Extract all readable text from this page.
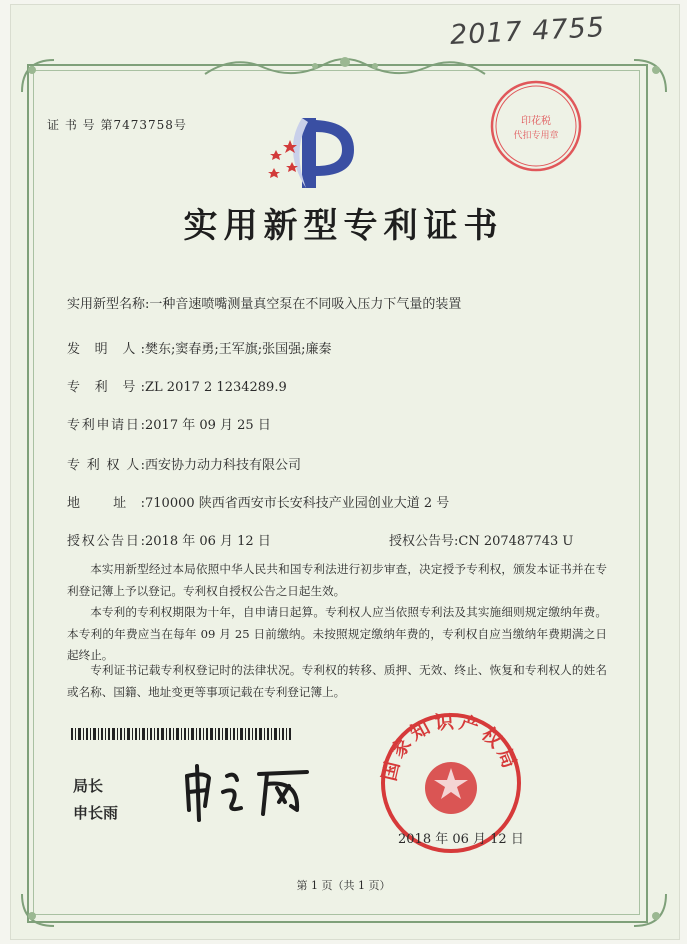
2017 4755
证 书 号 第7473758号	印花税
代扣专用章
实用新型专利证书
实用新型名称:一种音速喷嘴测量真空泵在不同吸入压力下气量的装置
发 明 人:樊东;窦春勇;王军旗;张国强;廉秦
专 利 号:ZL 2017 2 1234289.9
专利申请日:2017 年 09 月 25 日
专 利 权 人:西安协力动力科技有限公司
地 址:710000 陕西省西安市长安科技产业园创业大道 2 号
授权公告日:2018 年 06 月 12 日	授权公告号:CN 207487743 U

本实用新型经过本局依照中华人民共和国专利法进行初步审查，决定授予专利权，颁发本证书并在专利登记簿上予以登记。专利权自授权公告之日起生效。

本专利的专利权期限为十年，自申请日起算。专利权人应当依照专利法及其实施细则规定缴纳年费。本专利的年费应当在每年 09 月 25 日前缴纳。未按照规定缴纳年费的，专利权自应当缴纳年费期满之日起终止。

专利证书记载专利权登记时的法律状况。专利权的转移、质押、无效、终止、恢复和专利权人的姓名或名称、国籍、地址变更等事项记载在专利登记簿上。

局长
申长雨
国家知识产权局
2018 年 06 月 12 日
第 1 页（共 1 页）
